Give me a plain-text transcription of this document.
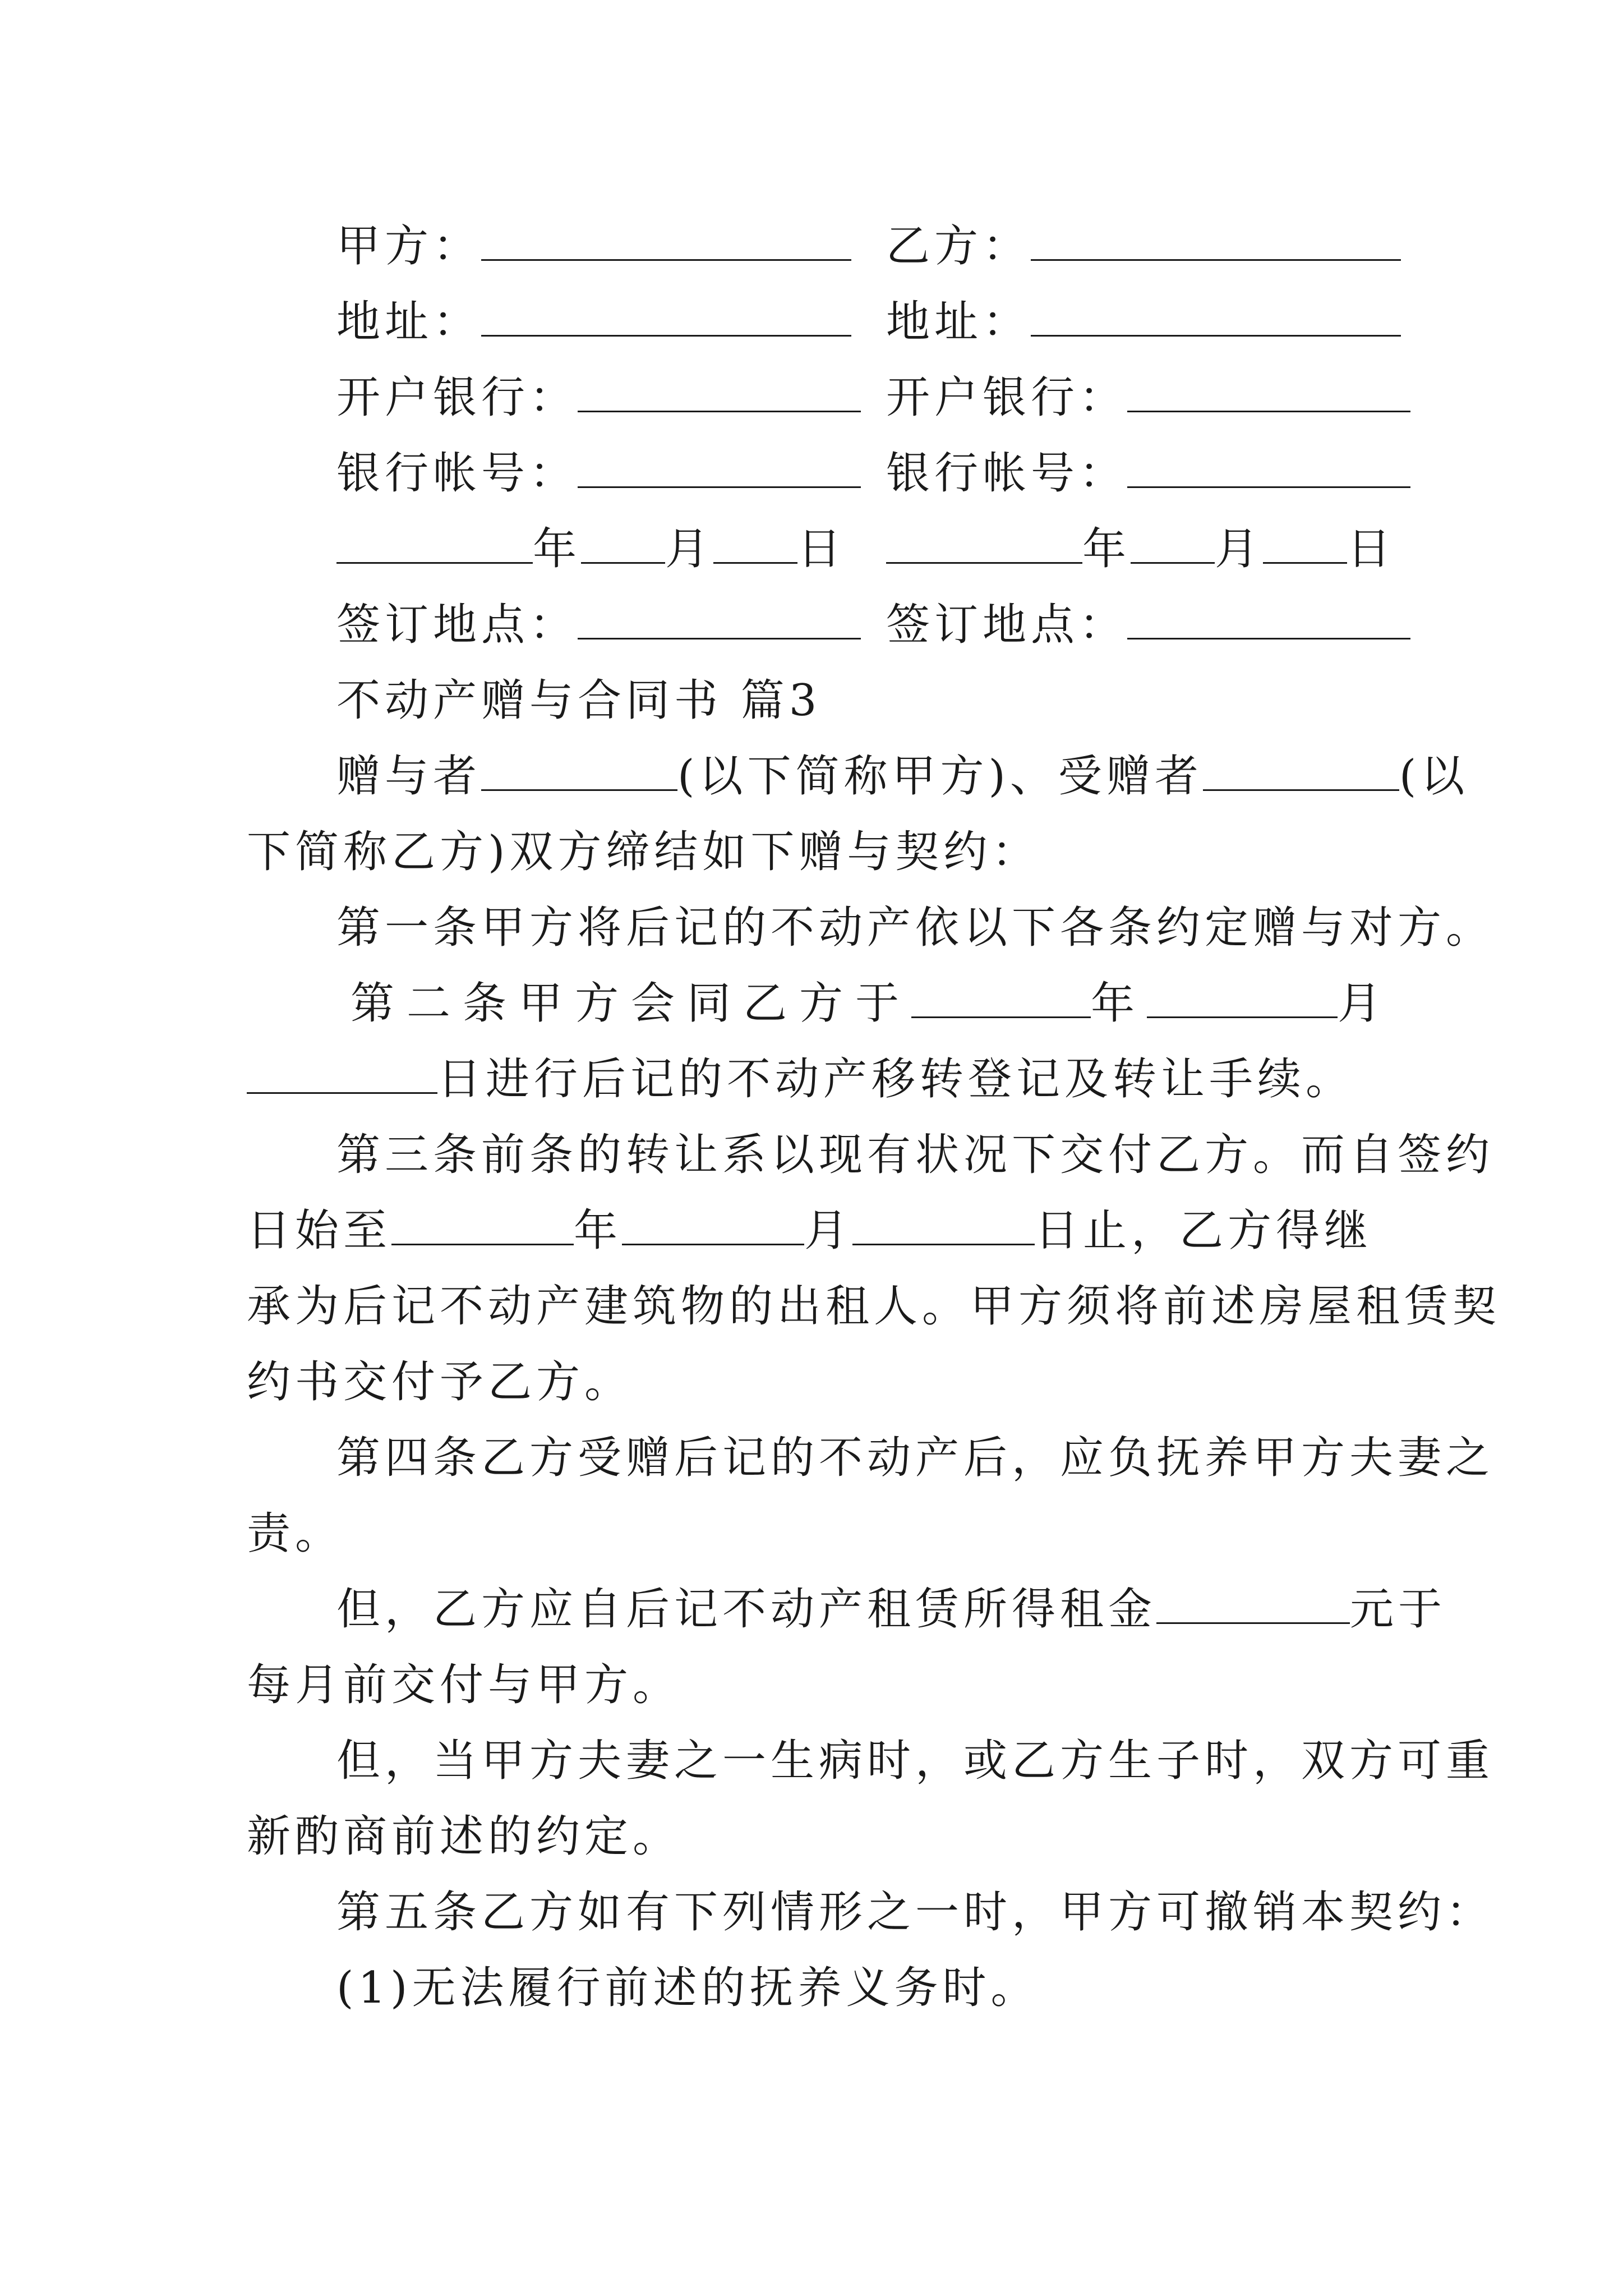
甲方：	乙方：
地址：	地址：
开户银行：	开户银行：
银行帐号：	银行帐号：
年 月 日	年 月 日
签订地点：	签订地点：
不动产赠与合同书 篇3
赠与者	(以下简称甲方)、受赠者	(以
下简称乙方)双方缔结如下赠与契约：
第一条甲方将后记的不动产依以下各条约定赠与对方。
第二条甲方会同乙方于	年	月
日进行后记的不动产移转登记及转让手续。
第三条前条的转让系以现有状况下交付乙方。而自签约
日始至	年	月	日止，乙方得继
承为后记不动产建筑物的出租人。甲方须将前述房屋租赁契
约书交付予乙方。
第四条乙方受赠后记的不动产后，应负抚养甲方夫妻之
责。
但，乙方应自后记不动产租赁所得租金	元于
每月前交付与甲方。
但，当甲方夫妻之一生病时，或乙方生子时，双方可重
新酌商前述的约定。
第五条乙方如有下列情形之一时，甲方可撤销本契约：
(1)无法履行前述的抚养义务时。
